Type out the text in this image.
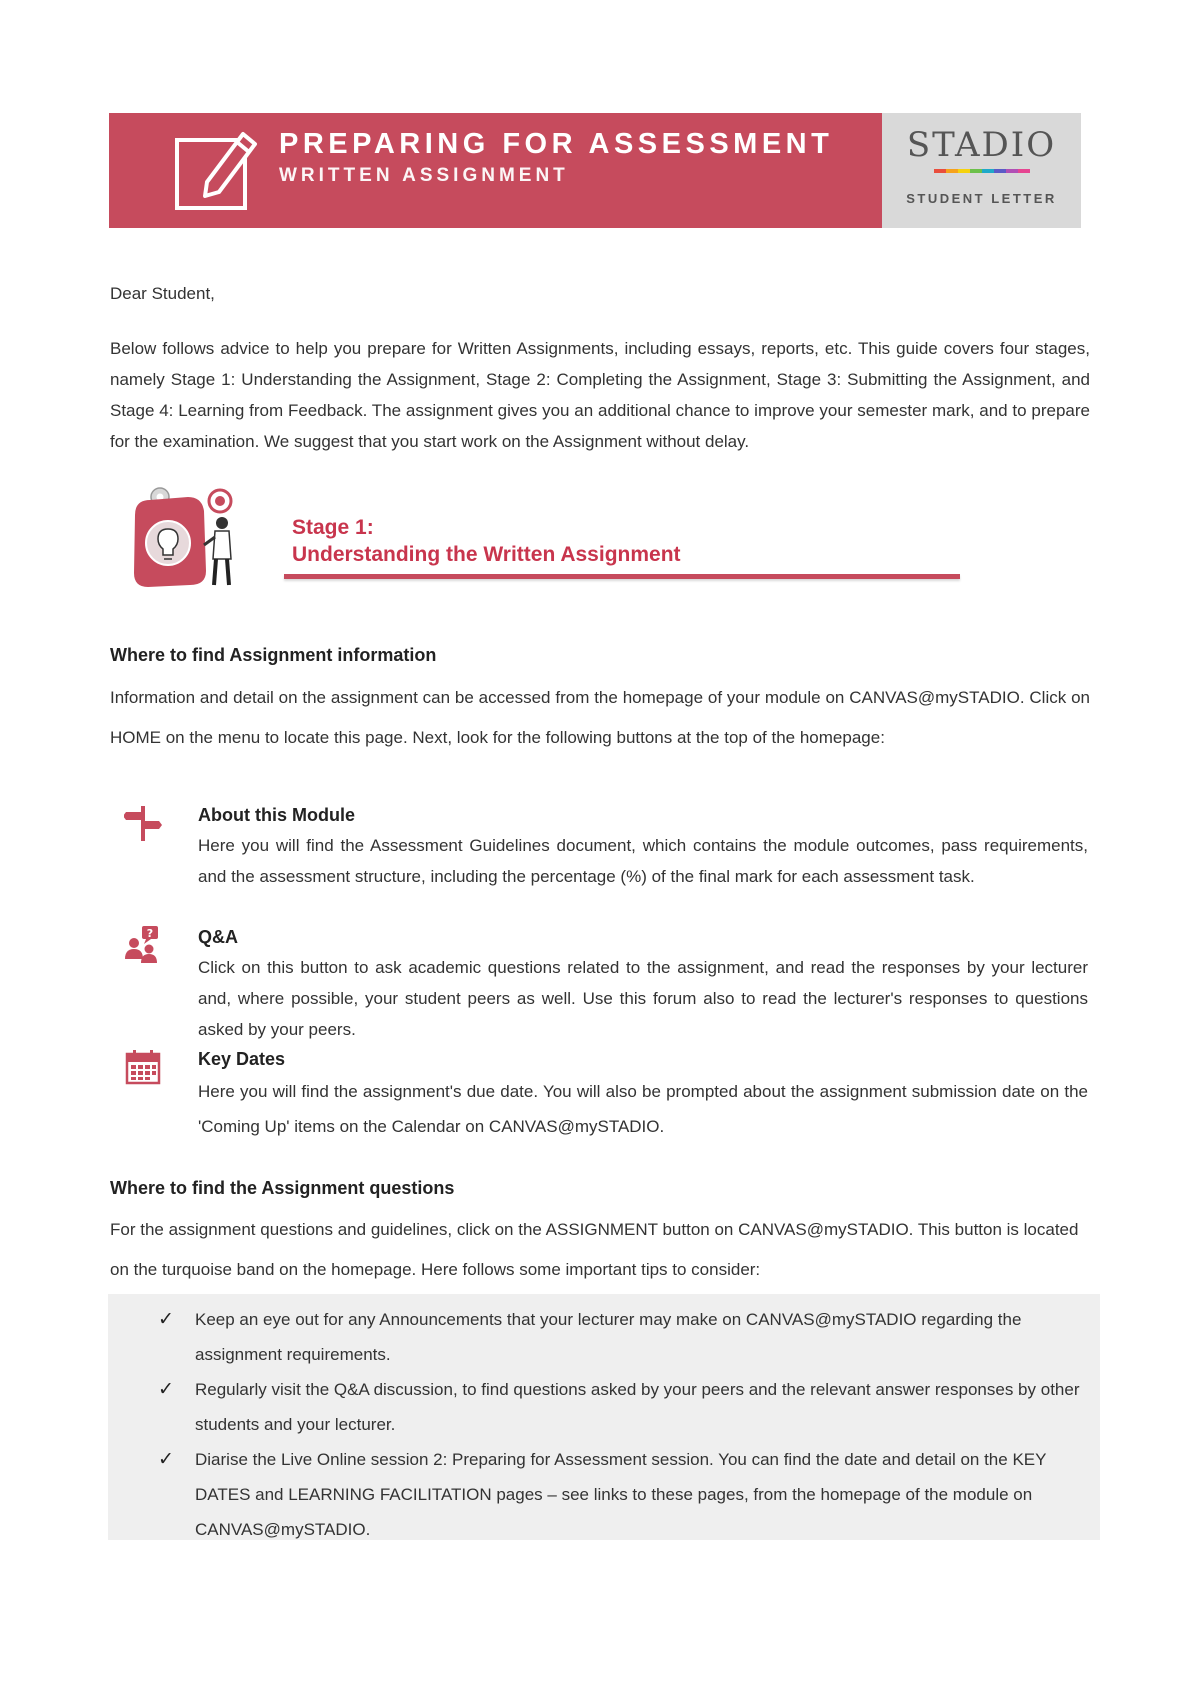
PREPARING FOR ASSESSMENT
WRITTEN ASSIGNMENT
STADIO
STUDENT LETTER
Dear Student,
Below follows advice to help you prepare for Written Assignments, including essays, reports, etc. This guide covers four stages, namely Stage 1: Understanding the Assignment, Stage 2: Completing the Assignment, Stage 3: Submitting the Assignment, and Stage 4: Learning from Feedback. The assignment gives you an additional chance to improve your semester mark, and to prepare for the examination. We suggest that you start work on the Assignment without delay.
Stage 1:
Understanding the Written Assignment
Where to find Assignment information
Information and detail on the assignment can be accessed from the homepage of your module on CANVAS@mySTADIO. Click on HOME on the menu to locate this page. Next, look for the following buttons at the top of the homepage:
About this Module
Here you will find the Assessment Guidelines document, which contains the module outcomes, pass requirements, and the assessment structure, including the percentage (%) of the final mark for each assessment task.
? Q&A
Click on this button to ask academic questions related to the assignment, and read the responses by your lecturer and, where possible, your student peers as well. Use this forum also to read the lecturer's responses to questions asked by your peers.
Key Dates
Here you will find the assignment's due date. You will also be prompted about the assignment submission date on the 'Coming Up' items on the Calendar on CANVAS@mySTADIO.
Where to find the Assignment questions
For the assignment questions and guidelines, click on the ASSIGNMENT button on CANVAS@mySTADIO. This button is located on the turquoise band on the homepage. Here follows some important tips to consider:
✓ Keep an eye out for any Announcements that your lecturer may make on CANVAS@mySTADIO regarding the assignment requirements.
✓ Regularly visit the Q&A discussion, to find questions asked by your peers and the relevant answer responses by other students and your lecturer.
✓ Diarise the Live Online session 2: Preparing for Assessment session. You can find the date and detail on the KEY DATES and LEARNING FACILITATION pages – see links to these pages, from the homepage of the module on CANVAS@mySTADIO.
